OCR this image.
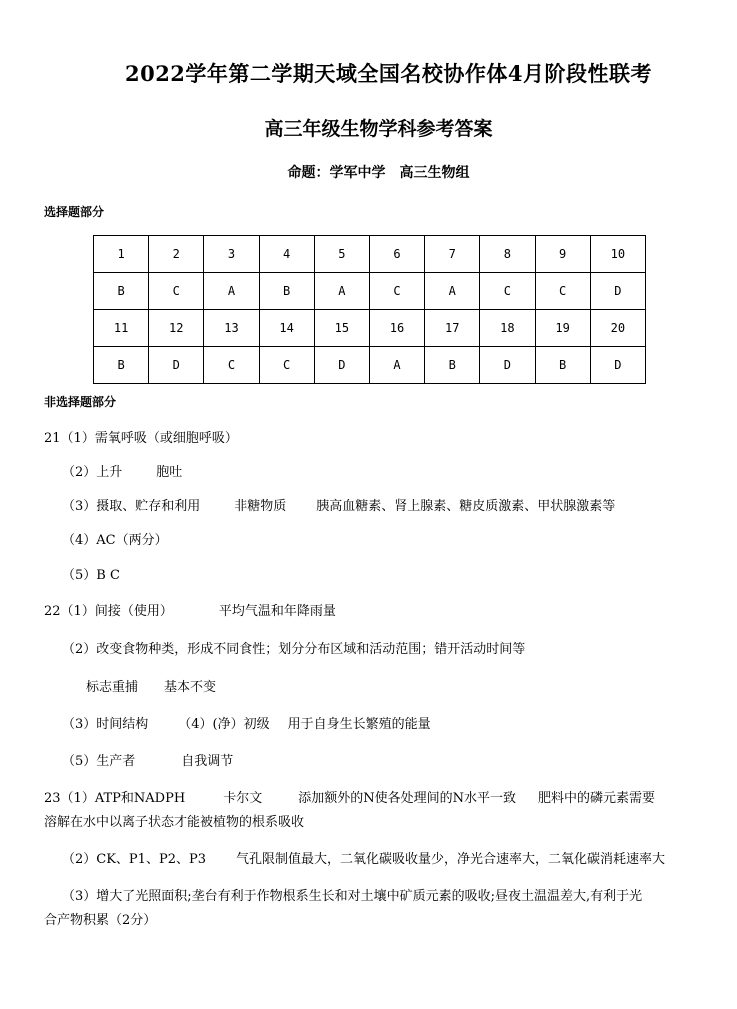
2022学年第二学期天域全国名校协作体4月阶段性联考
高三年级生物学科参考答案
命题：学军中学　高三生物组
选择题部分
1	2	3	4	5	6	7	8	9	10
B	C	A	B	A	C	A	C	C	D
11	12	13	14	15	16	17	18	19	20
B	D	C	C	D	A	B	D	B	D
非选择题部分
21（1）需氧呼吸（或细胞呼吸）
（2）上升	胞吐
（3）摄取、贮存和利用	非糖物质 胰高血糖素、肾上腺素、糖皮质激素、甲状腺激素等
（4）AC（两分）
（5）B C
22（1）间接（使用）	平均气温和年降雨量
（2）改变食物种类，形成不同食性；划分分布区域和活动范围；错开活动时间等
标志重捕 基本不变
（3）时间结构 （4）(净）初级 用于自身生长繁殖的能量
（5）生产者	自我调节
23（1）ATP和NADPH	卡尔文	添加额外的N使各处理间的N水平一致 肥料中的磷元素需要
溶解在水中以离子状态才能被植物的根系吸收
（2）CK、P1、P2、P3 气孔限制值最大，二氧化碳吸收量少，净光合速率大，二氧化碳消耗速率大
（3）增大了光照面积;垄台有利于作物根系生长和对土壤中矿质元素的吸收;昼夜土温温差大,有利于光
合产物积累（2分）
